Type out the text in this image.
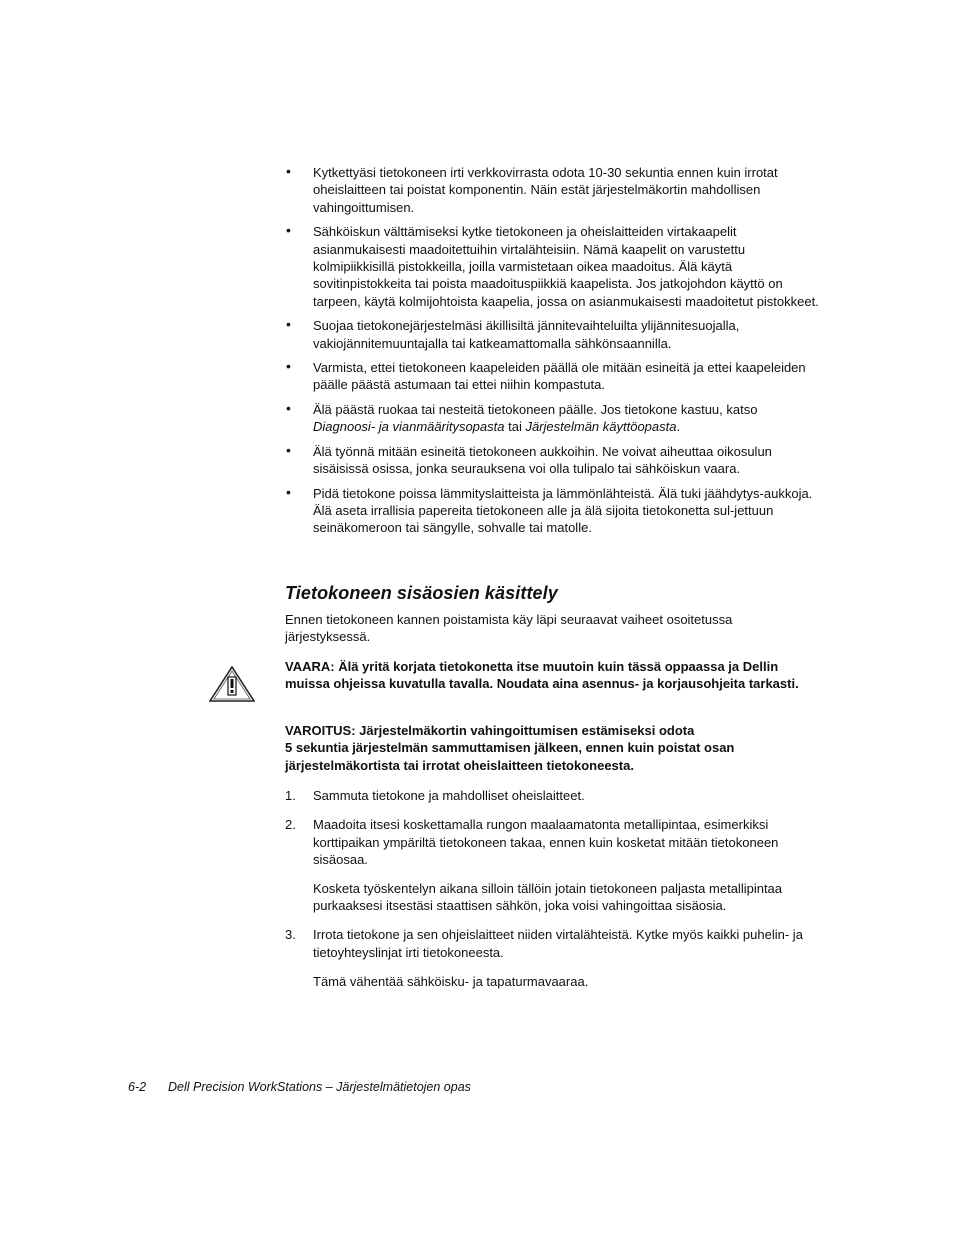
• Kytkettyäsi tietokoneen irti verkkovirrasta odota 10-30 sekuntia ennen kuin irrotat oheislaitteen tai poistat komponentin. Näin estät järjestelmäkortin mahdollisen vahingoittumisen.
• Sähköiskun välttämiseksi kytke tietokoneen ja oheislaitteiden virtakaapelit asianmukaisesti maadoitettuihin virtalähteisiin. Nämä kaapelit on varustettu kolmipiikkisillä pistokkeilla, joilla varmistetaan oikea maadoitus. Älä käytä sovitinpistokkeita tai poista maadoituspiikkiä kaapelista. Jos jatkojohdon käyttö on tarpeen, käytä kolmijohtoista kaapelia, jossa on asianmukaisesti maadoitetut pistokkeet.
• Suojaa tietokonejärjestelmäsi äkillisiltä jännitevaihteluilta ylijännitesuojalla, vakiojännitemuuntajalla tai katkeamattomalla sähkönsaannilla.
• Varmista, ettei tietokoneen kaapeleiden päällä ole mitään esineitä ja ettei kaapeleiden päälle päästä astumaan tai ettei niihin kompastuta.
• Älä päästä ruokaa tai nesteitä tietokoneen päälle. Jos tietokone kastuu, katso Diagnoosi- ja vianmääritysopasta tai Järjestelmän käyttöopasta.
• Älä työnnä mitään esineitä tietokoneen aukkoihin. Ne voivat aiheuttaa oikosulun sisäisissä osissa, jonka seurauksena voi olla tulipalo tai sähköiskun vaara.
• Pidä tietokone poissa lämmityslaitteista ja lämmönlähteistä. Älä tuki jäähdytys-aukkoja. Älä aseta irrallisia papereita tietokoneen alle ja älä sijoita tietokonetta sul-jettuun seinäkomeroon tai sängylle, sohvalle tai matolle.
Tietokoneen sisäosien käsittely

Ennen tietokoneen kannen poistamista käy läpi seuraavat vaiheet osoitetussa järjestyksessä.

VAARA: Älä yritä korjata tietokonetta itse muutoin kuin tässä oppaassa ja Dellin muissa ohjeissa kuvatulla tavalla. Noudata aina asennus- ja korjausohjeita tarkasti.

VAROITUS: Järjestelmäkortin vahingoittumisen estämiseksi odota
5 sekuntia järjestelmän sammuttamisen jälkeen, ennen kuin poistat osan järjestelmäkortista tai irrotat oheislaitteen tietokoneesta.

1. Sammuta tietokone ja mahdolliset oheislaitteet.

2. Maadoita itsesi koskettamalla rungon maalaamatonta metallipintaa, esimerkiksi korttipaikan ympäriltä tietokoneen takaa, ennen kuin kosketat mitään tietokoneen sisäosaa.

Kosketa työskentelyn aikana silloin tällöin jotain tietokoneen paljasta metallipintaa purkaaksesi itsestäsi staattisen sähkön, joka voisi vahingoittaa sisäosia.

3. Irrota tietokone ja sen ohjeislaitteet niiden virtalähteistä. Kytke myös kaikki puhelin- ja tietoyhteyslinjat irti tietokoneesta.

Tämä vähentää sähköisku- ja tapaturmavaaraa.

6-2 Dell Precision WorkStations – Järjestelmätietojen opas
